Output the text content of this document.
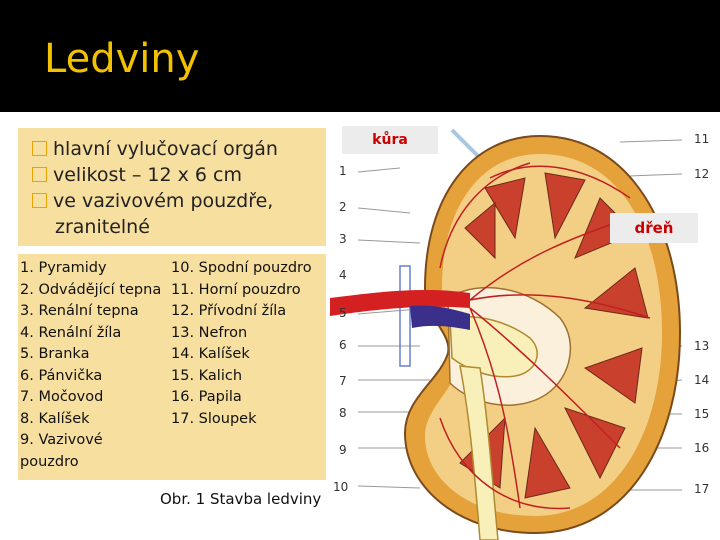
Ledviny
hlavní vylučovací orgán
velikost – 12 x 6 cm
ve vazivovém pouzdře,
zranitelné
1. Pyramidy
2. Odvádějící tepna
3. Renální tepna
4. Renální žíla
5. Branka
6. Pánvička
7. Močovod
8. Kalíšek
9. Vazivové
pouzdro
10. Spodní pouzdro
11. Horní pouzdro
12. Přívodní žíla
13. Nefron
14. Kalíšek
15. Kalich
16. Papila
17. Sloupek
Obr. 1 Stavba ledviny
kůra
dřeň
1
2
3
4
5
6
7
8
9
10
11
12
13
14
15
16
17
